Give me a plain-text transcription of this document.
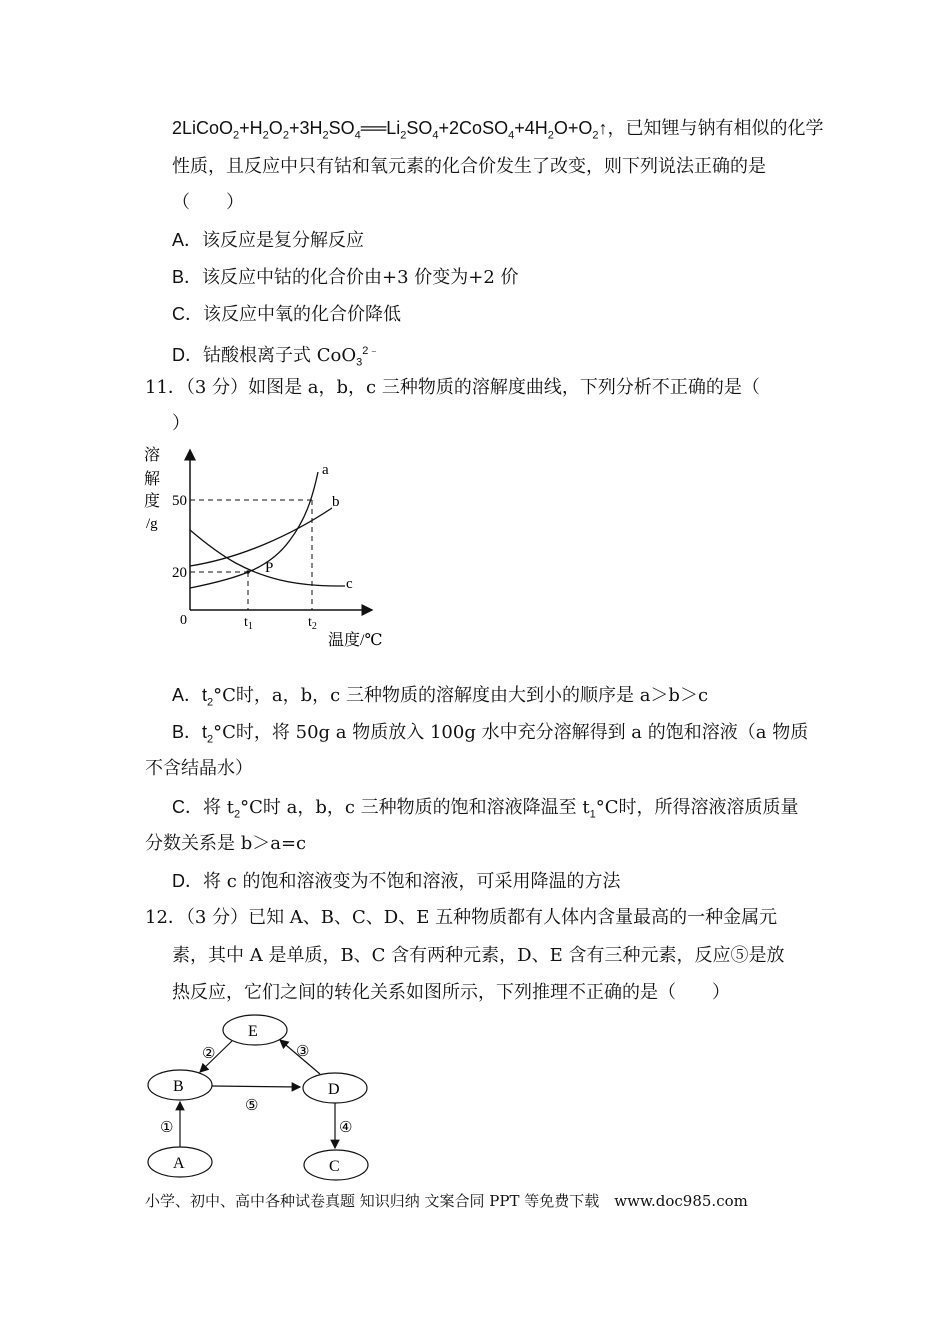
$2LiCoO_2+H_2O_2+3H_2SO_4══Li_2SO_4+2CoSO_4+4H_2O+O_2↑$，已知锂与钠有相似的化学
性质，且反应中只有钴和氧元素的化合价发生了改变，则下列说法正确的是
（　　）
A．该反应是复分解反应
B．该反应中钴的化合价由+3 价变为+2 价
C．该反应中氧的化合价降低
D．钴酸根离子式 CoO$_3^{2﹣}$
11．（3 分）如图是 a，b，c 三种物质的溶解度曲线，下列分析不正确的是（
）
溶
解
度
/g
50
20
0	$t_1$	$t_2$
温度/℃
a
b
c
P
A．$t_2^\circ C$时，a，b，c 三种物质的溶解度由大到小的顺序是 a＞b＞c
B．$t_2^\circ C$时，将 50g a 物质放入 100g 水中充分溶解得到 a 的饱和溶液（a 物质
不含结晶水）
C．将 $t_2^\circ C$时 a，b，c 三种物质的饱和溶液降温至 $t_1^\circ C$时，所得溶液溶质质量
分数关系是 b＞a=c
D．将 c 的饱和溶液变为不饱和溶液，可采用降温的方法
12．（3 分）已知 A、B、C、D、E 五种物质都有人体内含量最高的一种金属元
素，其中 A 是单质，B、C 含有两种元素，D、E 含有三种元素，反应⑤是放
热反应，它们之间的转化关系如图所示，下列推理不正确的是（　　）
E
B	D
A	C
②	③
⑤
①	④
小学、初中、高中各种试卷真题 知识归纳 文案合同 PPT 等免费下载　www.doc985.com
